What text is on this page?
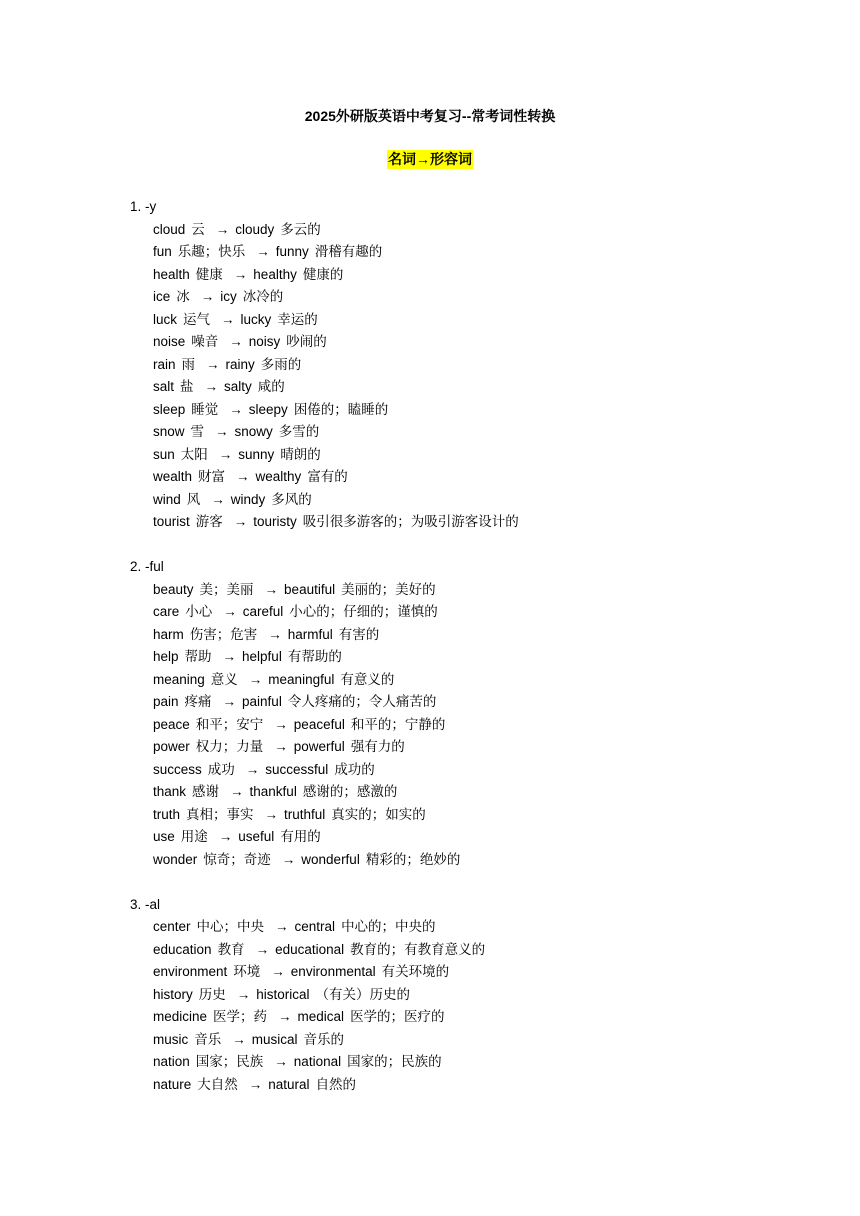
2025外研版英语中考复习--常考词性转换
名词→形容词
1. -y
cloud 云 → cloudy 多云的
fun 乐趣；快乐 → funny 滑稽有趣的
health 健康 → healthy 健康的
ice 冰 → icy 冰冷的
luck 运气 → lucky 幸运的
noise 噪音 → noisy 吵闹的
rain 雨 → rainy 多雨的
salt 盐 → salty 咸的
sleep 睡觉 → sleepy 困倦的；瞌睡的
snow 雪 → snowy 多雪的
sun 太阳 → sunny 晴朗的
wealth 财富 → wealthy 富有的
wind 风 → windy 多风的
tourist 游客 → touristy 吸引很多游客的；为吸引游客设计的
2. -ful
beauty 美；美丽 → beautiful 美丽的；美好的
care 小心 → careful 小心的；仔细的；谨慎的
harm 伤害；危害 → harmful 有害的
help 帮助 → helpful 有帮助的
meaning 意义 → meaningful 有意义的
pain 疼痛 → painful 令人疼痛的；令人痛苦的
peace 和平；安宁 → peaceful 和平的；宁静的
power 权力；力量 → powerful 强有力的
success 成功 → successful 成功的
thank 感谢 → thankful 感谢的；感激的
truth 真相；事实 → truthful 真实的；如实的
use 用途 → useful 有用的
wonder 惊奇；奇迹 → wonderful 精彩的；绝妙的
3. -al
center 中心；中央 → central 中心的；中央的
education 教育 → educational 教育的；有教育意义的
environment 环境 → environmental 有关环境的
history 历史 → historical （有关）历史的
medicine 医学；药 → medical 医学的；医疗的
music 音乐 → musical 音乐的
nation 国家；民族 → national 国家的；民族的
nature 大自然 → natural 自然的
